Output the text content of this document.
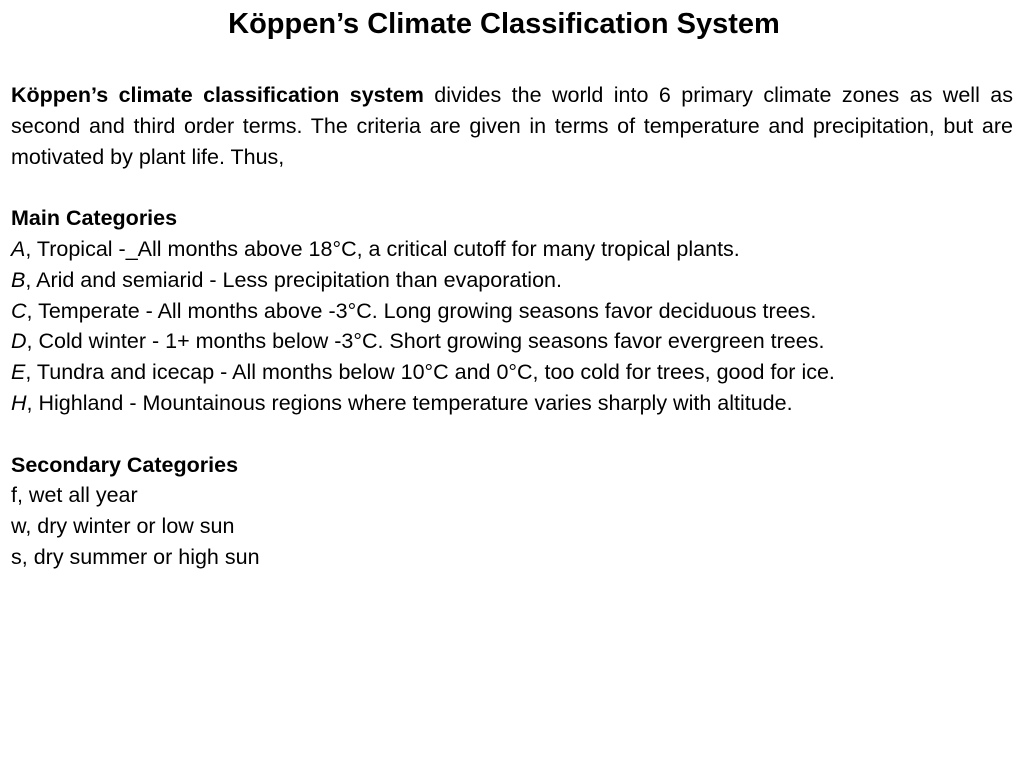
Köppen’s Climate Classification System

Köppen’s climate classification system divides the world into 6 primary climate zones as well as second and third order terms. The criteria are given in terms of temperature and precipitation, but are motivated by plant life. Thus,

Main Categories
A, Tropical -_All months above 18°C, a critical cutoff for many tropical plants.
B, Arid and semiarid - Less precipitation than evaporation.
C, Temperate - All months above -3°C. Long growing seasons favor deciduous trees.
D, Cold winter - 1+ months below -3°C. Short growing seasons favor evergreen trees.
E, Tundra and icecap - All months below 10°C and 0°C, too cold for trees, good for ice.
H, Highland - Mountainous regions where temperature varies sharply with altitude.
Secondary Categories
f, wet all year
w, dry winter or low sun
s, dry summer or high sun
